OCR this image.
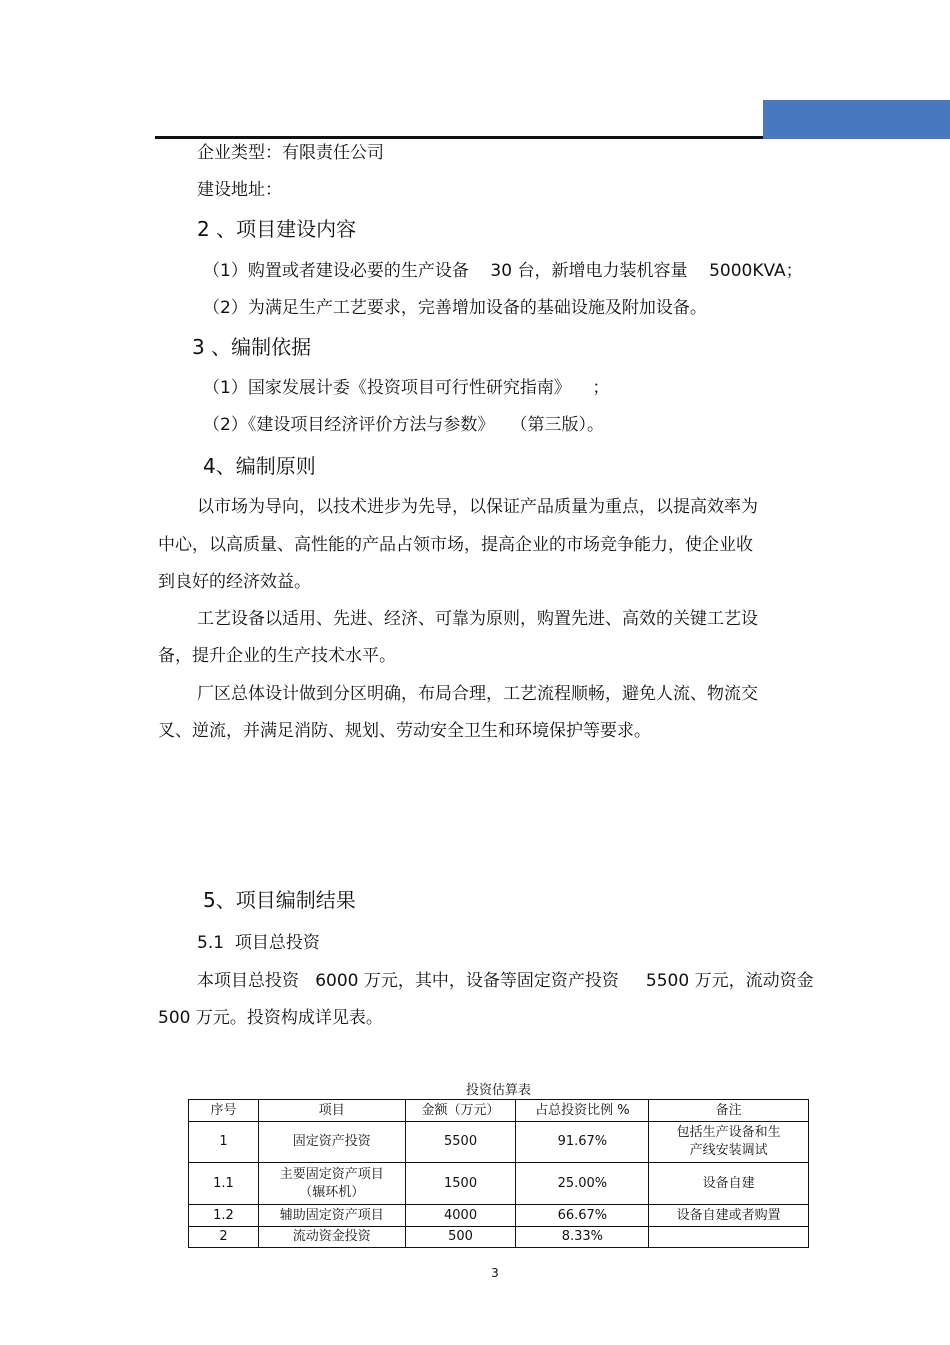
企业类型：有限责任公司
建设地址：
2 、项目建设内容
（1）购置或者建设必要的生产设备    30 台，新增电力装机容量    5000KVA；
（2）为满足生产工艺要求，完善增加设备的基础设施及附加设备。
3 、编制依据
（1）国家发展计委《投资项目可行性研究指南》    ；
（2）《建设项目经济评价方法与参数》   （第三版）。
4、编制原则
以市场为导向，以技术进步为先导，以保证产品质量为重点，以提高效率为
中心，以高质量、高性能的产品占领市场，提高企业的市场竞争能力，使企业收
到良好的经济效益。
工艺设备以适用、先进、经济、可靠为原则，购置先进、高效的关键工艺设
备，提升企业的生产技术水平。
厂区总体设计做到分区明确，布局合理，工艺流程顺畅，避免人流、物流交
叉、逆流，并满足消防、规划、劳动安全卫生和环境保护等要求。
5、项目编制结果
5.1  项目总投资
本项目总投资   6000 万元，其中，设备等固定资产投资     5500 万元，流动资金
500 万元。投资构成详见表。
投资估算表
序号	项目	金额（万元）	占总投资比例 %	备注
1	固定资产投资	5500	91.67%	包括生产设备和生
产线安装调试
1.1	主要固定资产项目
（辗环机）	1500	25.00%	设备自建
1.2	辅助固定资产项目	4000	66.67%	设备自建或者购置
2	流动资金投资	500	8.33%	
3
